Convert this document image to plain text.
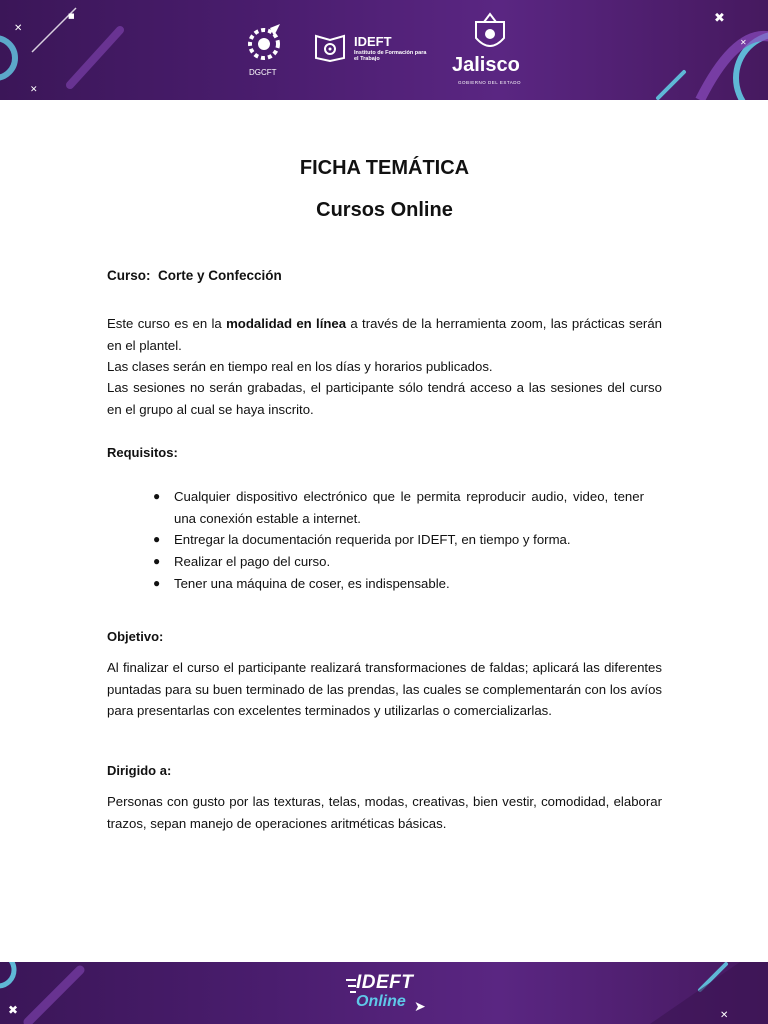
✕
■
✕
✖
✕
DGCFT
IDEFT
Instituto de Formación para el Trabajo	Jalisco
GOBIERNO DEL ESTADO
FICHA TEMÁTICA
Cursos Online
Curso: Corte y Confección
Este curso es en la modalidad en línea a través de la herramienta zoom, las prácticas serán en el plantel.
Las clases serán en tiempo real en los días y horarios publicados.
Las sesiones no serán grabadas, el participante sólo tendrá acceso a las sesiones del curso en el grupo al cual se haya inscrito.
Requisitos:
● Cualquier dispositivo electrónico que le permita reproducir audio, video, tener una conexión estable a internet.
● Entregar la documentación requerida por IDEFT, en tiempo y forma.
● Realizar el pago del curso.
● Tener una máquina de coser, es indispensable.
Objetivo:
Al finalizar el curso el participante realizará transformaciones de faldas; aplicará las diferentes puntadas para su buen terminado de las prendas, las cuales se complementarán con los avíos para presentarlas con excelentes terminados y utilizarlas o comercializarlas.
Dirigido a:
Personas con gusto por las texturas, telas, modas, creativas, bien vestir, comodidad, elaborar trazos, sepan manejo de operaciones aritméticas básicas.
✖	✕
IDEFT
Online ➤
